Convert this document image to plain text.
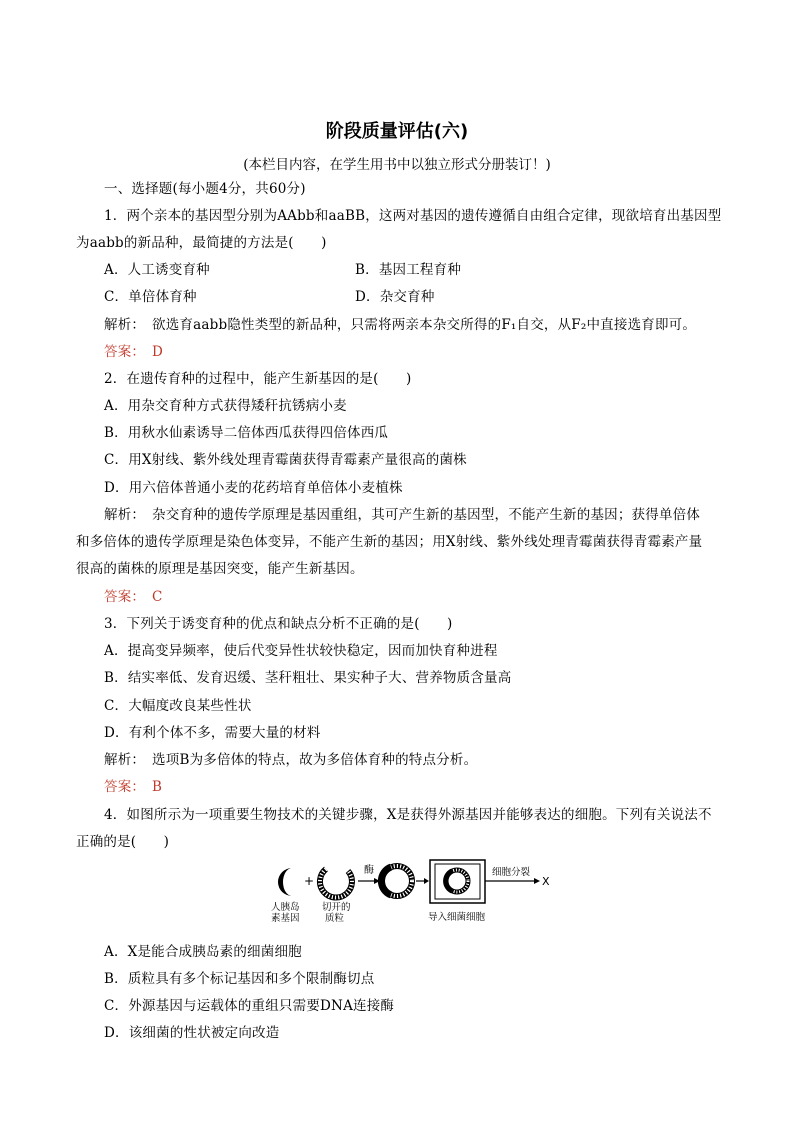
阶段质量评估(六)
(本栏目内容，在学生用书中以独立形式分册装订！)
一、选择题(每小题4分，共60分)
1．两个亲本的基因型分别为AAbb和aaBB，这两对基因的遗传遵循自由组合定律，现欲培育出基因型
为aabb的新品种，最简捷的方法是(　　)
A．人工诱变育种	B．基因工程育种
C．单倍体育种	D．杂交育种
解析：　欲选育aabb隐性类型的新品种，只需将两亲本杂交所得的F₁自交，从F₂中直接选育即可。
答案：　D
2．在遗传育种的过程中，能产生新基因的是(　　)
A．用杂交育种方式获得矮秆抗锈病小麦
B．用秋水仙素诱导二倍体西瓜获得四倍体西瓜
C．用X射线、紫外线处理青霉菌获得青霉素产量很高的菌株
D．用六倍体普通小麦的花药培育单倍体小麦植株
解析：　杂交育种的遗传学原理是基因重组，其可产生新的基因型，不能产生新的基因；获得单倍体
和多倍体的遗传学原理是染色体变异，不能产生新的基因；用X射线、紫外线处理青霉菌获得青霉素产量
很高的菌株的原理是基因突变，能产生新基因。
答案：　C
3．下列关于诱变育种的优点和缺点分析不正确的是(　　)
A．提高变异频率，使后代变异性状较快稳定，因而加快育种进程
B．结实率低、发育迟缓、茎秆粗壮、果实种子大、营养物质含量高
C．大幅度改良某些性状
D．有利个体不多，需要大量的材料
解析：　选项B为多倍体的特点，故为多倍体育种的特点分析。
答案：　B
4．如图所示为一项重要生物技术的关键步骤，X是获得外源基因并能够表达的细胞。下列有关说法不
正确的是(　　)
+
人胰岛
素基因
切开的
质粒
酶
导入细菌细胞
细胞分裂
X
A．X是能合成胰岛素的细菌细胞
B．质粒具有多个标记基因和多个限制酶切点
C．外源基因与运载体的重组只需要DNA连接酶
D．该细菌的性状被定向改造
